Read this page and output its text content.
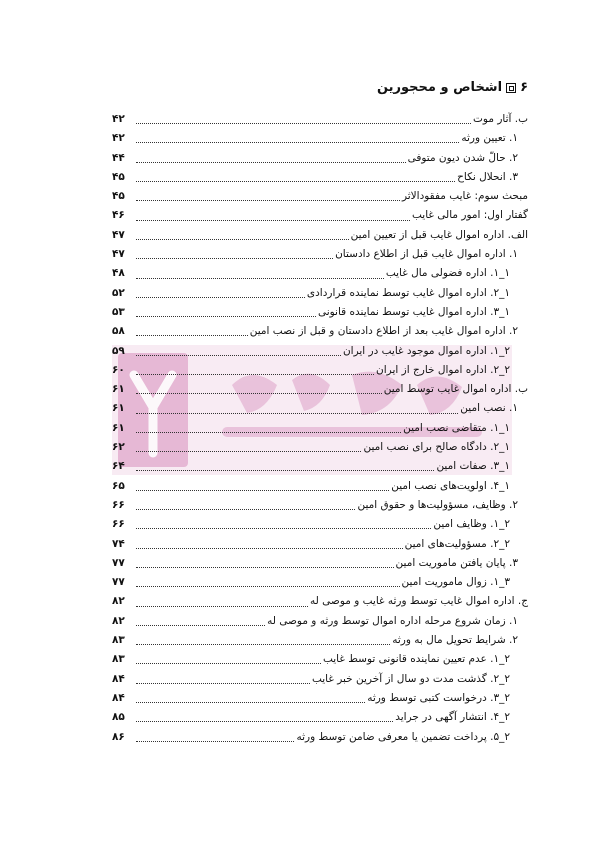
۶
اشخاص و محجورین
ب. آثار موت
۴۲
۱. تعیین ورثه
۴۲
۲. حالّ شدن دیون متوفی
۴۴
۳. انحلال نکاح
۴۵
مبحث سوم: غایب مفقودالاثر
۴۵
گفتار اول: امور مالی غایب
۴۶
الف. اداره اموال غایب قبل از تعیین امین
۴۷
۱. اداره اموال غایب قبل از اطلاع دادستان
۴۷
۱_۱. اداره فضولی مال غایب
۴۸
۱_۲. اداره اموال غایب توسط نماینده قراردادی
۵۲
۱_۳. اداره اموال غایب توسط نماینده قانونی
۵۳
۲. اداره اموال غایب بعد از اطلاع دادستان و قبل از نصب امین
۵۸
۲_۱. اداره اموال موجود غایب در ایران
۵۹
۲_۲. اداره اموال خارج از ایران
۶۰
ب. اداره اموال غایب توسط امین
۶۱
۱. نصب امین
۶۱
۱_۱. متقاضی نصب امین
۶۱
۱_۲. دادگاه صالح برای نصب امین
۶۲
۱_۳. صفات امین
۶۴
۱_۴. اولویت‌های نصب امین
۶۵
۲. وظایف، مسؤولیت‌ها و حقوق امین
۶۶
۲_۱. وظایف امین
۶۶
۲_۲. مسؤولیت‌های امین
۷۴
۳. پایان یافتن ماموریت امین
۷۷
۳_۱. زوال ماموریت امین
۷۷
ج. اداره اموال غایب توسط ورثه غایب و موصی له
۸۲
۱. زمان شروع مرحله اداره اموال توسط ورثه و موصی له
۸۲
۲. شرایط تحویل مال به ورثه
۸۳
۲_۱. عدم تعیین نماینده قانونی توسط غایب
۸۳
۲_۲. گذشت مدت دو سال از آخرین خبر غایب
۸۴
۲_۳. درخواست کتبی توسط ورثه
۸۴
۲_۴. انتشار آگهی در جراید
۸۵
۲_۵. پرداخت تضمین یا معرفی ضامن توسط ورثه
۸۶
